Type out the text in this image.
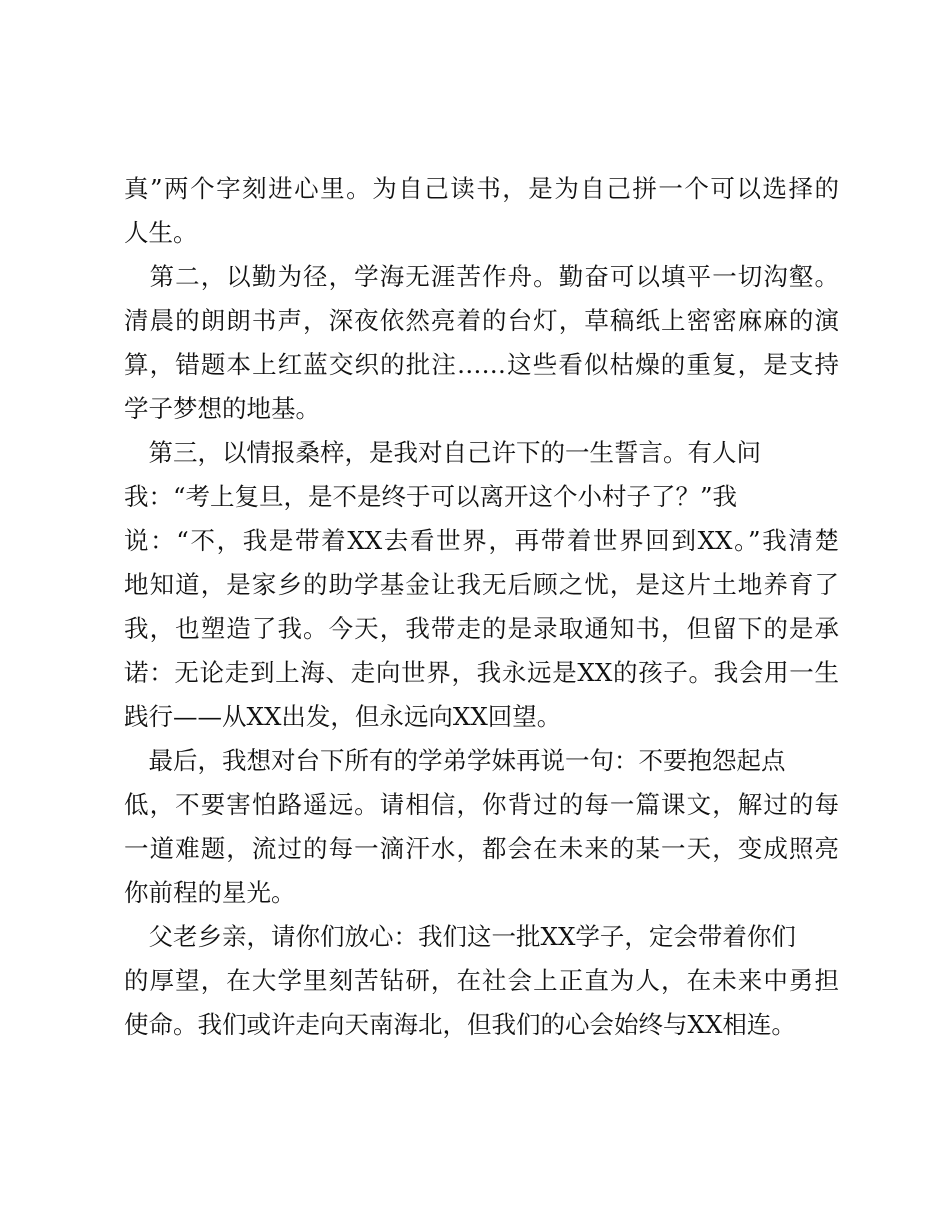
真”两个字刻进心里。为自己读书，是为自己拼一个可以选择的
人生。
　第二，以勤为径，学海无涯苦作舟。勤奋可以填平一切沟壑。
清晨的朗朗书声，深夜依然亮着的台灯，草稿纸上密密麻麻的演
算，错题本上红蓝交织的批注……这些看似枯燥的重复，是支持
学子梦想的地基。
　第三，以情报桑梓，是我对自己许下的一生誓言。有人问
我：“考上复旦，是不是终于可以离开这个小村子了？”我
说：“不，我是带着XX去看世界，再带着世界回到XX。”我清楚
地知道，是家乡的助学基金让我无后顾之忧，是这片土地养育了
我，也塑造了我。今天，我带走的是录取通知书，但留下的是承
诺：无论走到上海、走向世界，我永远是XX的孩子。我会用一生
践行——从XX出发，但永远向XX回望。
　最后，我想对台下所有的学弟学妹再说一句：不要抱怨起点
低，不要害怕路遥远。请相信，你背过的每一篇课文，解过的每
一道难题，流过的每一滴汗水，都会在未来的某一天，变成照亮
你前程的星光。
　父老乡亲，请你们放心：我们这一批XX学子，定会带着你们
的厚望，在大学里刻苦钻研，在社会上正直为人，在未来中勇担
使命。我们或许走向天南海北，但我们的心会始终与XX相连。
